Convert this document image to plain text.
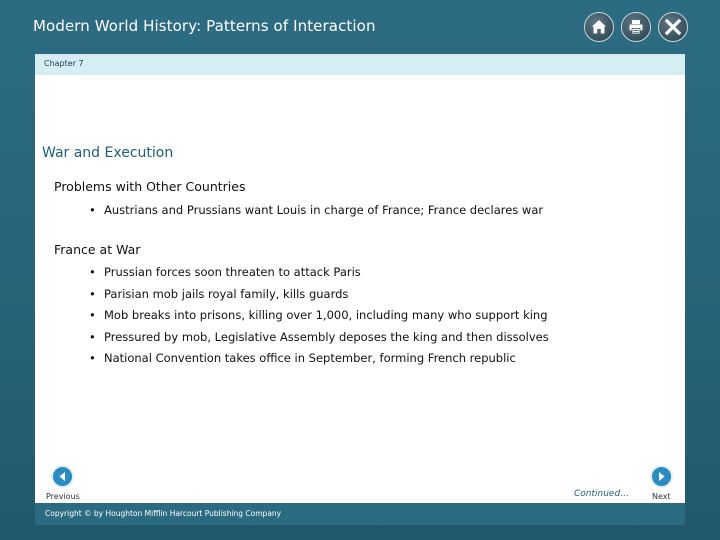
Modern World History: Patterns of Interaction
Chapter 7
War and Execution
Problems with Other Countries
• Austrians and Prussians want Louis in charge of France; France declares war
France at War
• Prussian forces soon threaten to attack Paris
• Parisian mob jails royal family, kills guards
• Mob breaks into prisons, killing over 1,000, including many who support king
• Pressured by mob, Legislative Assembly deposes the king and then dissolves
• National Convention takes office in September, forming French republic
Previous	Continued…	Next
Copyright © by Houghton Mifflin Harcourt Publishing Company
